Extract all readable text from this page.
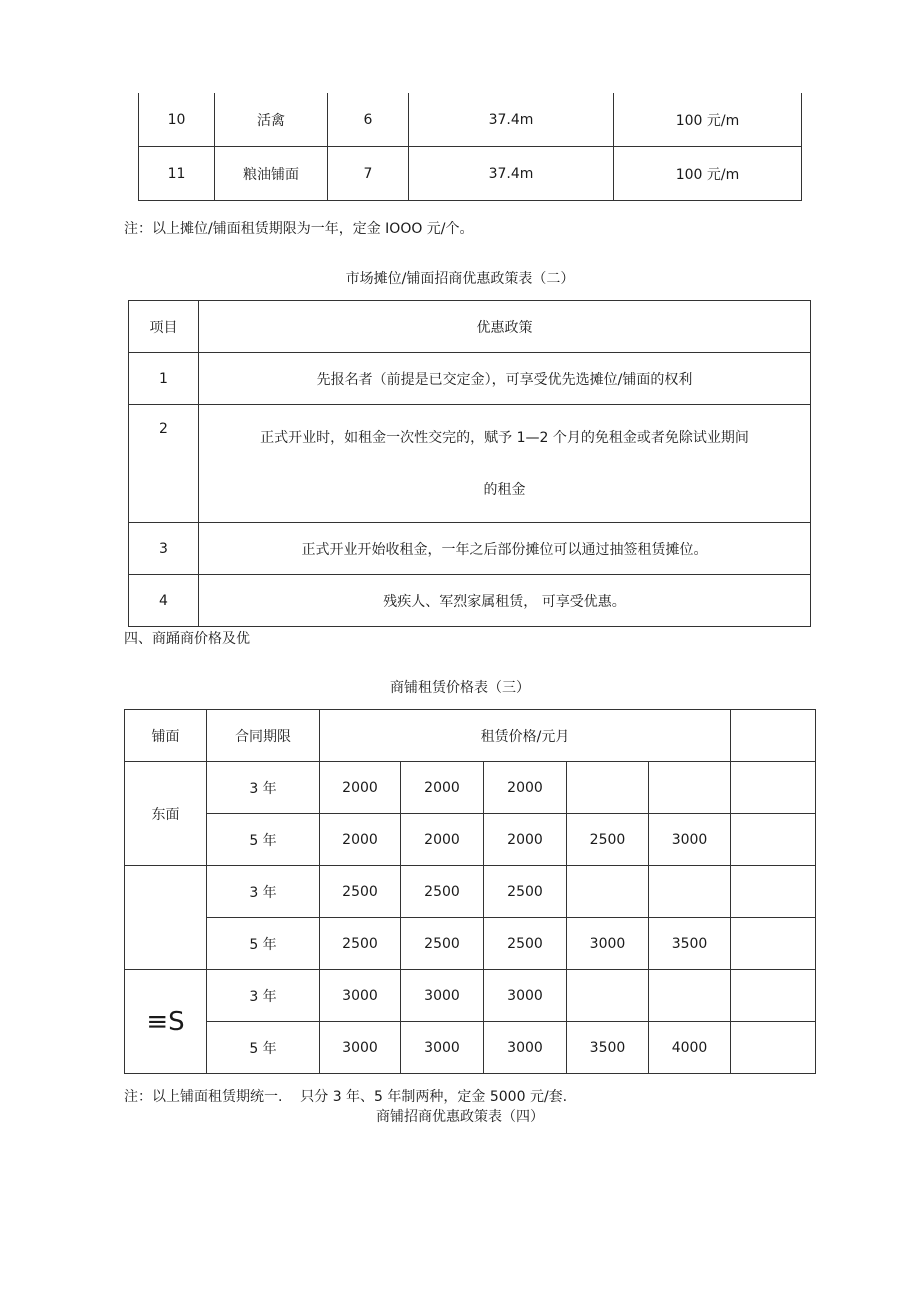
10	活禽	6	37.4m	100 元/m
11	粮油铺面	7	37.4m	100 元/m
注：以上摊位/铺面租赁期限为一年，定金 IOOO 元/个。
市场摊位/铺面招商优惠政策表（二）
项目	优惠政策
1	先报名者（前提是已交定金），可享受优先选摊位/铺面的权利
2	正式开业时，如租金一次性交完的，赋予 1—2 个月的免租金或者免除试业期间
的租金

3	正式开业开始收租金，一年之后部份摊位可以通过抽签租赁摊位。
4	残疾人、军烈家属租赁， 可享受优惠。
四、商踊商价格及优
商铺租赁价格表（三）
铺面	合同期限	租赁价格/元月					
东面	3 年	2000	2000	2000			
	5 年	2000	2000	2000	2500	3000	
	3 年	2500	2500	2500			
	5 年	2500	2500	2500	3000	3500	
≡S	3 年	3000	3000	3000			
	5 年	3000	3000	3000	3500	4000	
注：以上铺面租赁期统一.    只分 3 年、5 年制两种，定金 5000 元/套.
商铺招商优惠政策表（四）
